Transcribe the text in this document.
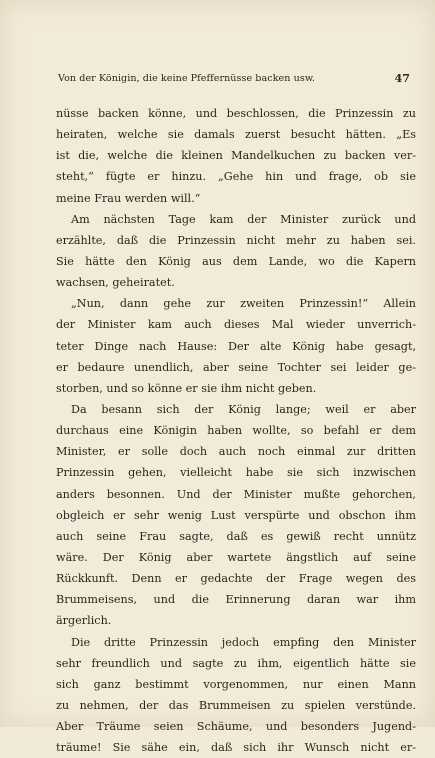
Von der Königin, die keine Pfeffernüsse backen usw.	47
nüsse backen könne, und beschlossen, die Prinzessin zu
heiraten, welche sie damals zuerst besucht hätten. „Es
ist die, welche die kleinen Mandelkuchen zu backen ver-
steht,“ fügte er hinzu. „Gehe hin und frage, ob sie
meine Frau werden will.“
Am nächsten Tage kam der Minister zurück und
erzählte, daß die Prinzessin nicht mehr zu haben sei.
Sie hätte den König aus dem Lande, wo die Kapern
wachsen, geheiratet.
„Nun, dann gehe zur zweiten Prinzessin!“ Allein
der Minister kam auch dieses Mal wieder unverrich-
teter Dinge nach Hause: Der alte König habe gesagt,
er bedaure unendlich, aber seine Tochter sei leider ge-
storben, und so könne er sie ihm nicht geben.
Da besann sich der König lange; weil er aber
durchaus eine Königin haben wollte, so befahl er dem
Minister, er solle doch auch noch einmal zur dritten
Prinzessin gehen, vielleicht habe sie sich inzwischen
anders besonnen. Und der Minister mußte gehorchen,
obgleich er sehr wenig Lust verspürte und obschon ihm
auch seine Frau sagte, daß es gewiß recht unnütz
wäre. Der König aber wartete ängstlich auf seine
Rückkunft. Denn er gedachte der Frage wegen des
Brummeisens, und die Erinnerung daran war ihm
ärgerlich.
Die dritte Prinzessin jedoch empfing den Minister
sehr freundlich und sagte zu ihm, eigentlich hätte sie
sich ganz bestimmt vorgenommen, nur einen Mann
zu nehmen, der das Brummeisen zu spielen verstünde.
Aber Träume seien Schäume, und besonders Jugend-
träume! Sie sähe ein, daß sich ihr Wunsch nicht er-
